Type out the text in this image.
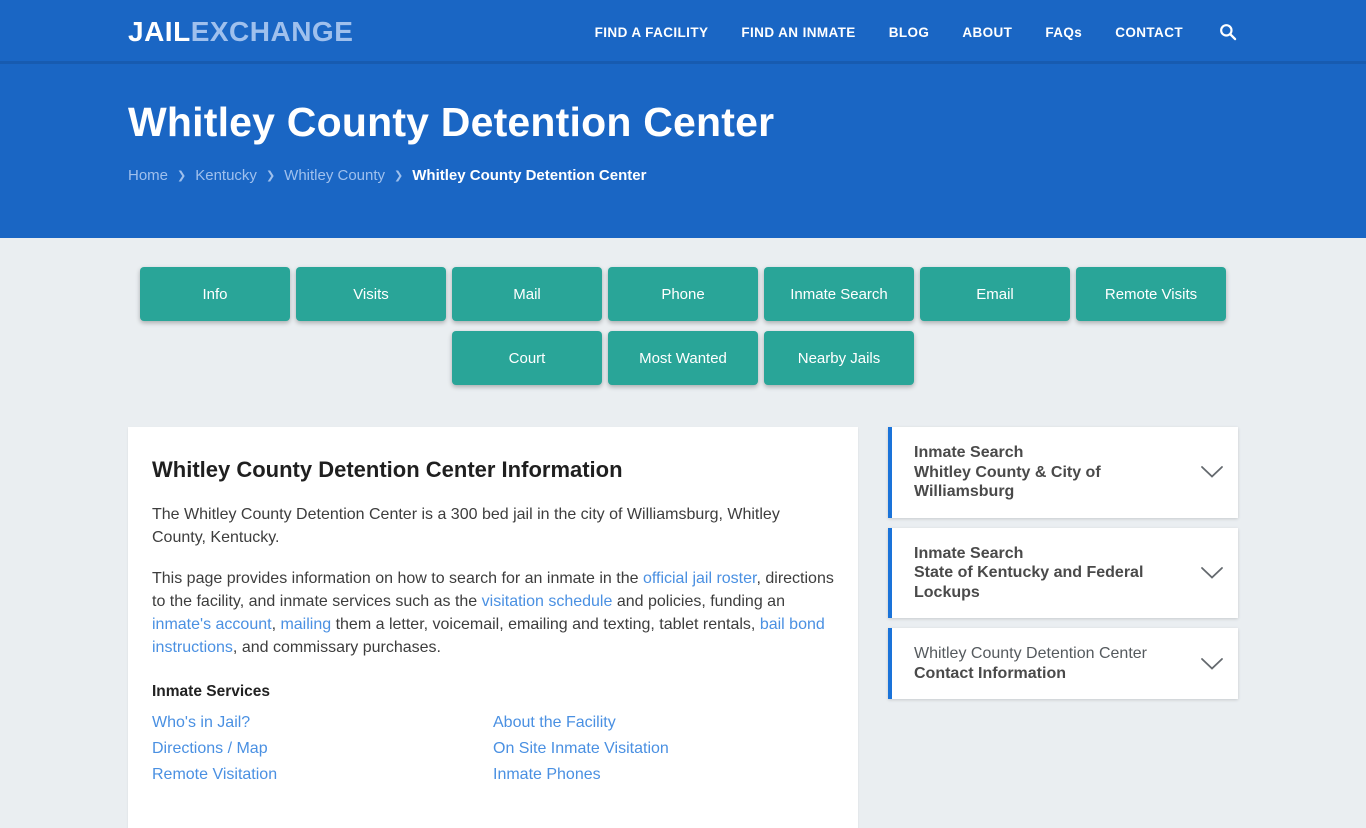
JAILEXCHANGE	FIND A FACILITY FIND AN INMATE BLOG ABOUT FAQs CONTACT
Whitley County Detention Center
Home ❯ Kentucky ❯ Whitley County ❯ Whitley County Detention Center
Info	Visits	Mail	Phone	Inmate Search	Email	Remote Visits
Court	Most Wanted	Nearby Jails
Whitley County Detention Center Information

The Whitley County Detention Center is a 300 bed jail in the city of Williamsburg, Whitley County, Kentucky.

This page provides information on how to search for an inmate in the official jail roster, directions to the facility, and inmate services such as the visitation schedule and policies, funding an inmate's account, mailing them a letter, voicemail, emailing and texting, tablet rentals, bail bond instructions, and commissary purchases.

Inmate Services
Who's in Jail?
Directions / Map
Remote Visitation
About the Facility
On Site Inmate Visitation
Inmate Phones
Inmate Search
Whitley County & City of Williamsburg
Inmate Search
State of Kentucky and Federal Lockups
Whitley County Detention Center
Contact Information
